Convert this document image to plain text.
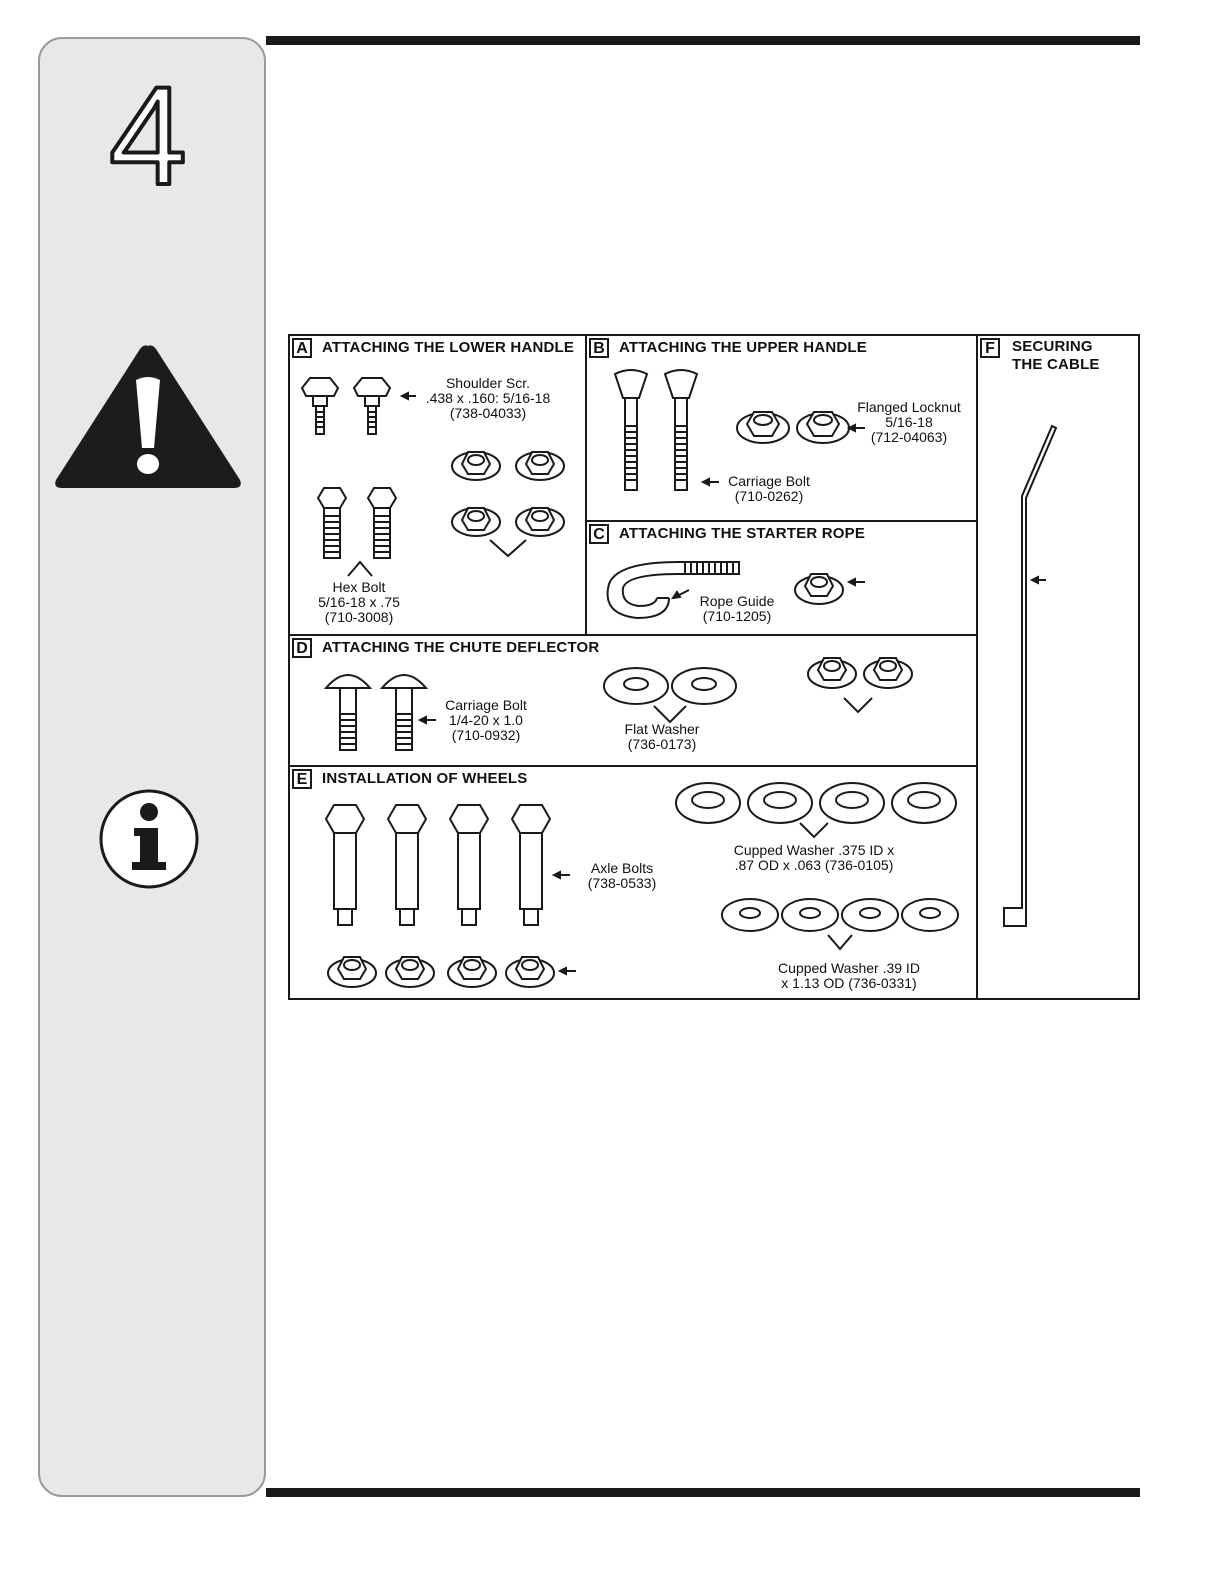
4
A ATTACHING THE LOWER HANDLE
Shoulder Scr.
.438 x .160: 5/16-18
(738-04033)
Hex Bolt
5/16-18 x .75
(710-3008)
B ATTACHING THE UPPER HANDLE
Flanged Locknut
5/16-18
(712-04063)
Carriage Bolt
(710-0262)
C ATTACHING THE STARTER ROPE
Rope Guide
(710-1205)
D ATTACHING THE CHUTE DEFLECTOR
Carriage Bolt
1/4-20 x 1.0
(710-0932)	Flat Washer
(736-0173)
E INSTALLATION OF WHEELS
Axle Bolts
(738-0533)
Cupped Washer .375 ID x
.87 OD x .063 (736-0105)
Cupped Washer .39 ID
x 1.13 OD (736-0331)
F	SECURING
THE CABLE
